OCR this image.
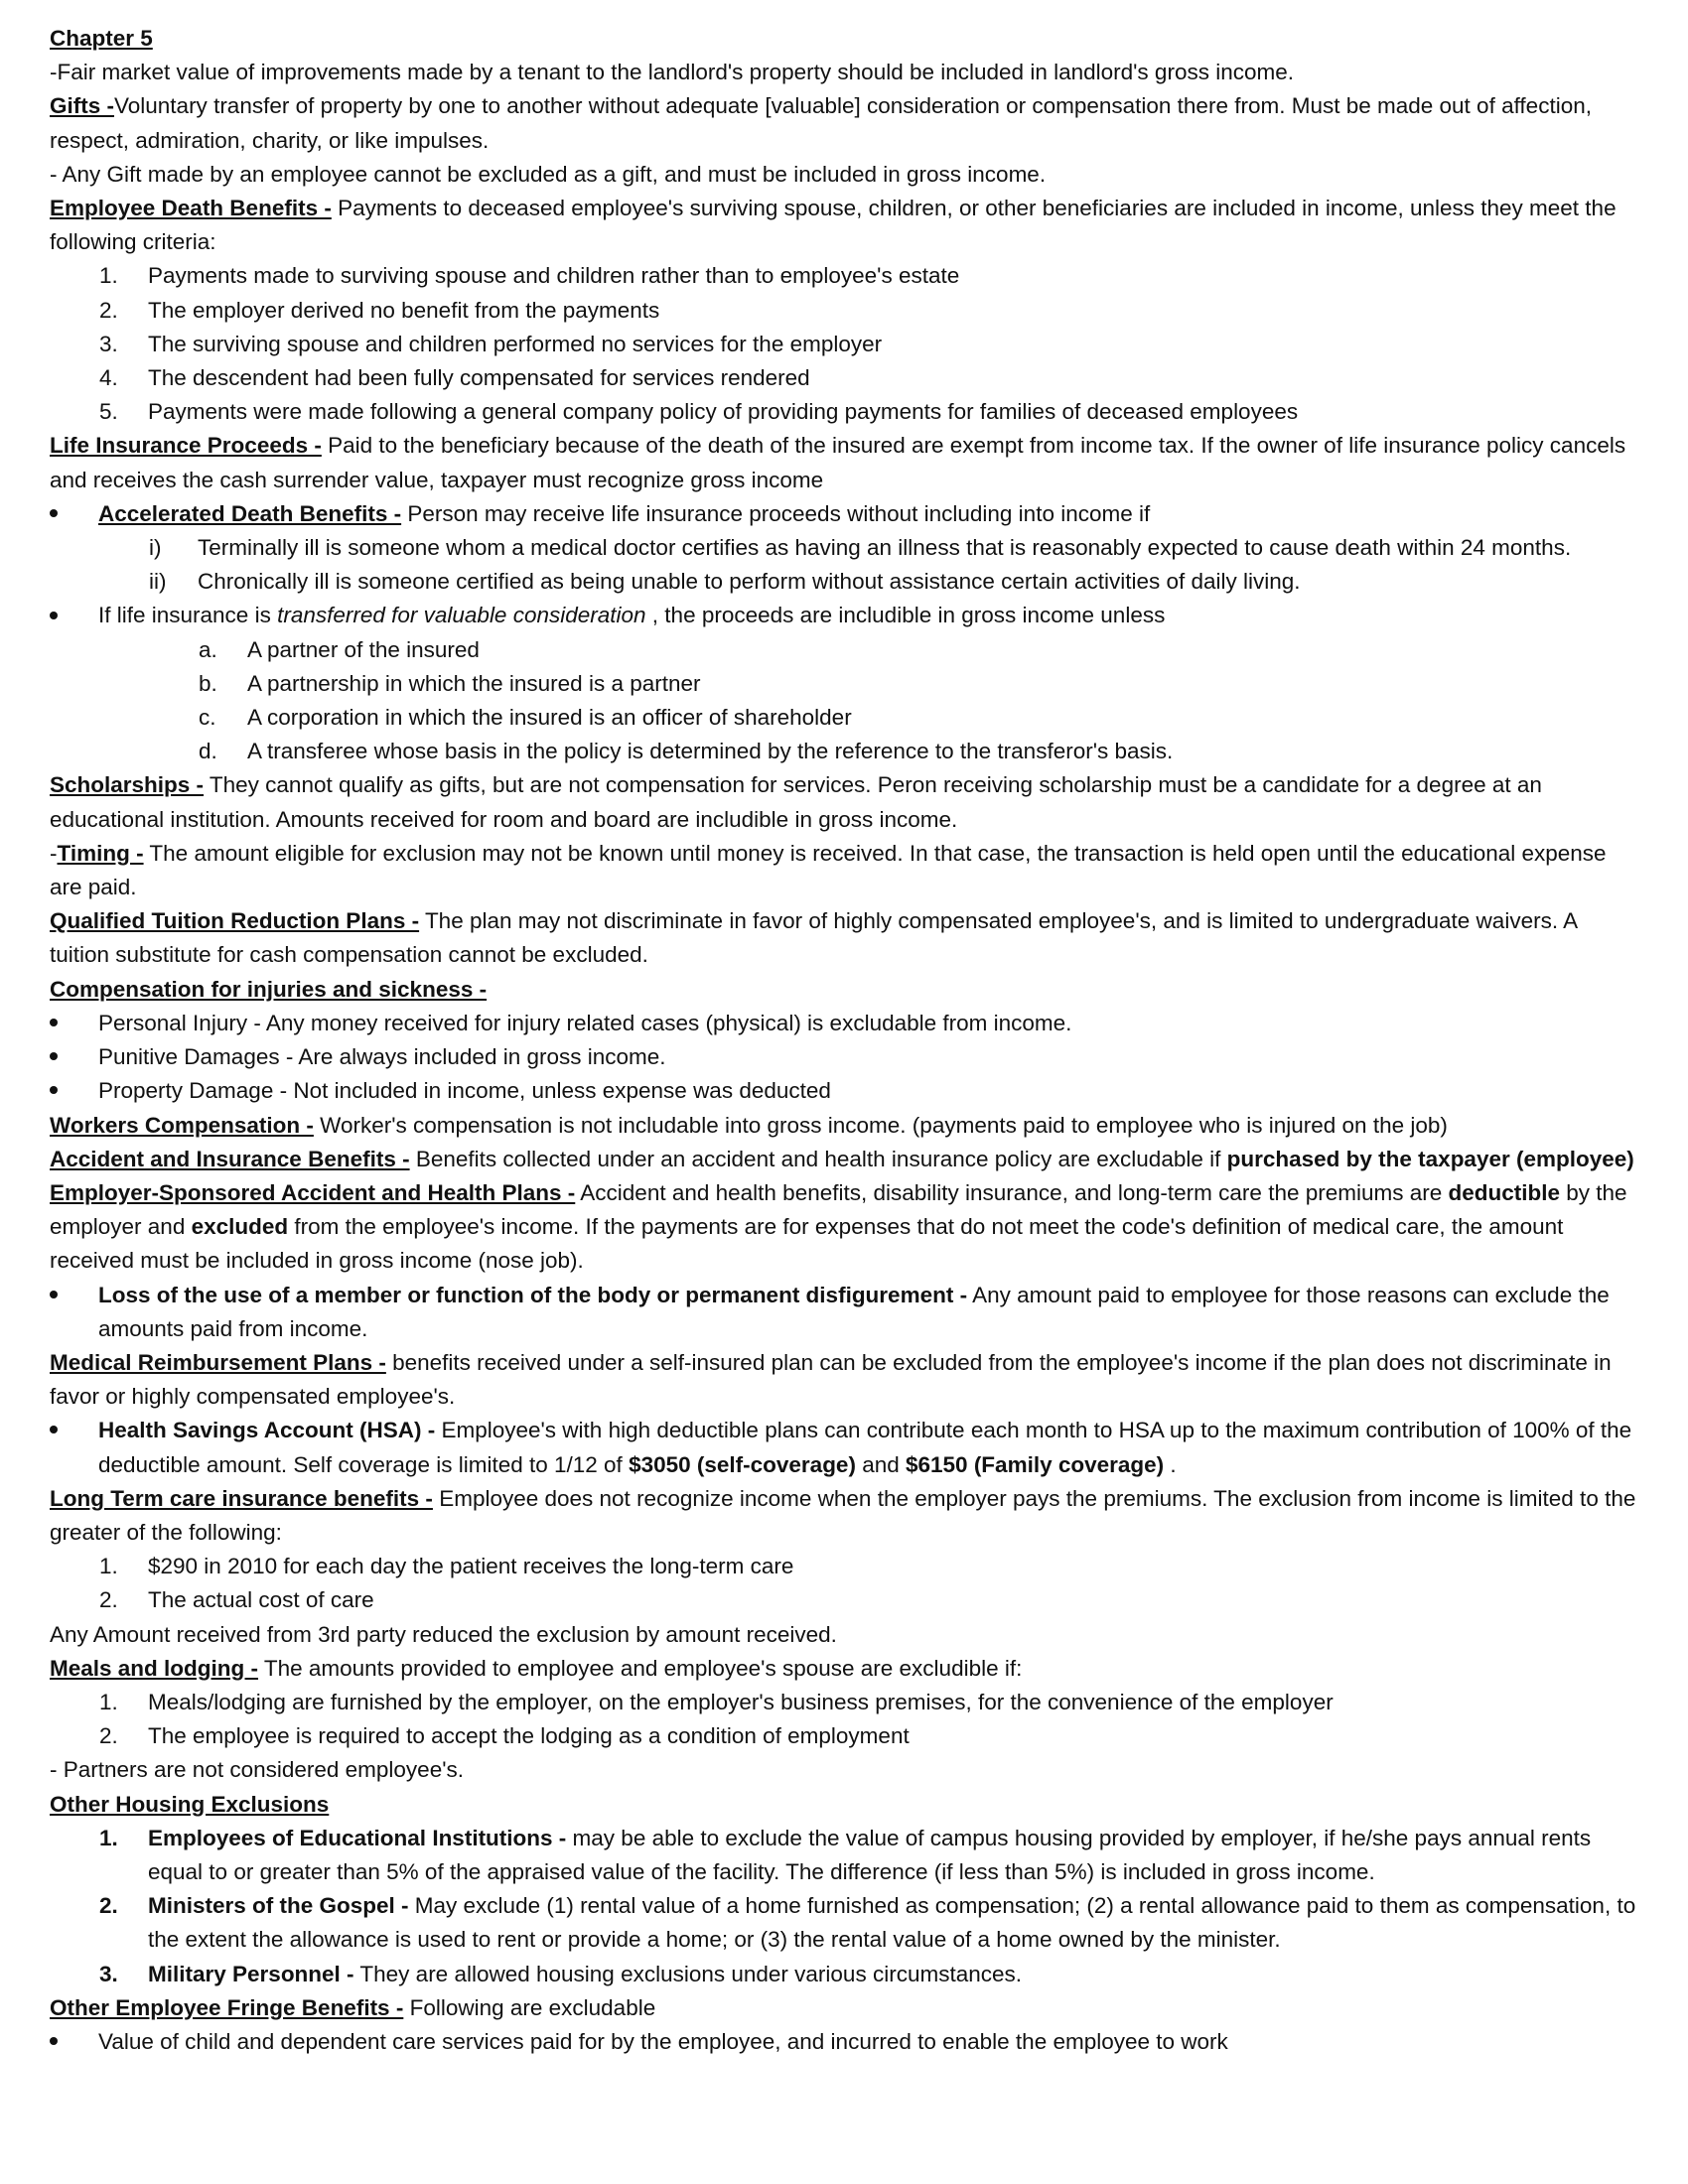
Chapter 5

-Fair market value of improvements made by a tenant to the landlord's property should be included in landlord's gross income.

Gifts -Voluntary transfer of property by one to another without adequate [valuable] consideration or compensation there from. Must be made out of affection, respect, admiration, charity, or like impulses.

- Any Gift made by an employee cannot be excluded as a gift, and must be included in gross income.

Employee Death Benefits - Payments to deceased employee's surviving spouse, children, or other beneficiaries are included in income, unless they meet the following criteria:

1.	Payments made to surviving spouse and children rather than to employee's estate
2.	The employer derived no benefit from the payments
3.	The surviving spouse and children performed no services for the employer
4.	The descendent had been fully compensated for services rendered
5.	Payments were made following a general company policy of providing payments for families of deceased employees

Life Insurance Proceeds - Paid to the beneficiary because of the death of the insured are exempt from income tax. If the owner of life insurance policy cancels and receives the cash surrender value, taxpayer must recognize gross income

Accelerated Death Benefits - Person may receive life insurance proceeds without including into income if
i)	Terminally ill is someone whom a medical doctor certifies as having an illness that is reasonably expected to cause death within 24 months.
ii)	Chronically ill is someone certified as being unable to perform without assistance certain activities of daily living.
If life insurance is transferred for valuable consideration , the proceeds are includible in gross income unless
a.	A partner of the insured
b.	A partnership in which the insured is a partner
c.	A corporation in which the insured is an officer of shareholder
d.	A transferee whose basis in the policy is determined by the reference to the transferor's basis.

Scholarships - They cannot qualify as gifts, but are not compensation for services. Peron receiving scholarship must be a candidate for a degree at an educational institution. Amounts received for room and board are includible in gross income.

-Timing - The amount eligible for exclusion may not be known until money is received. In that case, the transaction is held open until the educational expense are paid.

Qualified Tuition Reduction Plans - The plan may not discriminate in favor of highly compensated employee's, and is limited to undergraduate waivers. A tuition substitute for cash compensation cannot be excluded.

Compensation for injuries and sickness -

Personal Injury - Any money received for injury related cases (physical) is excludable from income.
Punitive Damages - Are always included in gross income.
Property Damage - Not included in income, unless expense was deducted

Workers Compensation - Worker's compensation is not includable into gross income. (payments paid to employee who is injured on the job)

Accident and Insurance Benefits - Benefits collected under an accident and health insurance policy are excludable if purchased by the taxpayer (employee)

Employer-Sponsored Accident and Health Plans - Accident and health benefits, disability insurance, and long-term care the premiums are deductible by the employer and excluded from the employee's income. If the payments are for expenses that do not meet the code's definition of medical care, the amount received must be included in gross income (nose job).

Loss of the use of a member or function of the body or permanent disfigurement - Any amount paid to employee for those reasons can exclude the amounts paid from income.

Medical Reimbursement Plans - benefits received under a self-insured plan can be excluded from the employee's income if the plan does not discriminate in favor or highly compensated employee's.

Health Savings Account (HSA) - Employee's with high deductible plans can contribute each month to HSA up to the maximum contribution of 100% of the deductible amount. Self coverage is limited to 1/12 of $3050 (self-coverage) and $6150 (Family coverage) .

Long Term care insurance benefits - Employee does not recognize income when the employer pays the premiums. The exclusion from income is limited to the greater of the following:

1.	$290 in 2010 for each day the patient receives the long-term care
2.	The actual cost of care

Any Amount received from 3rd party reduced the exclusion by amount received.

Meals and lodging - The amounts provided to employee and employee's spouse are excludible if:

1.	Meals/lodging are furnished by the employer, on the employer's business premises, for the convenience of the employer
2.	The employee is required to accept the lodging as a condition of employment

- Partners are not considered employee's.

Other Housing Exclusions

1.	Employees of Educational Institutions - may be able to exclude the value of campus housing provided by employer, if he/she pays annual rents equal to or greater than 5% of the appraised value of the facility. The difference (if less than 5%) is included in gross income.
2.	Ministers of the Gospel - May exclude (1) rental value of a home furnished as compensation; (2) a rental allowance paid to them as compensation, to the extent the allowance is used to rent or provide a home; or (3) the rental value of a home owned by the minister.
3.	Military Personnel - They are allowed housing exclusions under various circumstances.

Other Employee Fringe Benefits - Following are excludable

Value of child and dependent care services paid for by the employee, and incurred to enable the employee to work
